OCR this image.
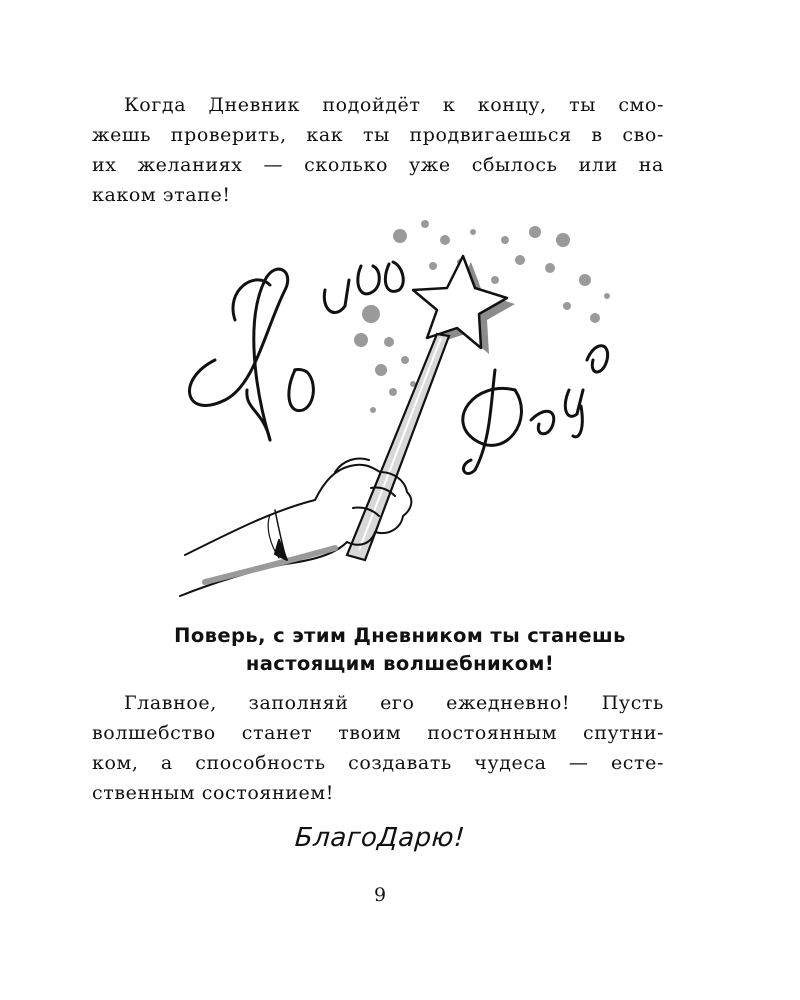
Когда Дневник подойдёт к концу, ты смо-
жешь проверить, как ты продвигаешься в сво-
их желаниях — сколько уже сбылось или на
каком этапе!

Поверь, с этим Дневником ты станешь
настоящим волшебником!

Главное, заполняй его ежедневно! Пусть
волшебство станет твоим постоянным спутни-
ком, а способность создавать чудеса — есте-
ственным состоянием!

БлагоДарю!
9
